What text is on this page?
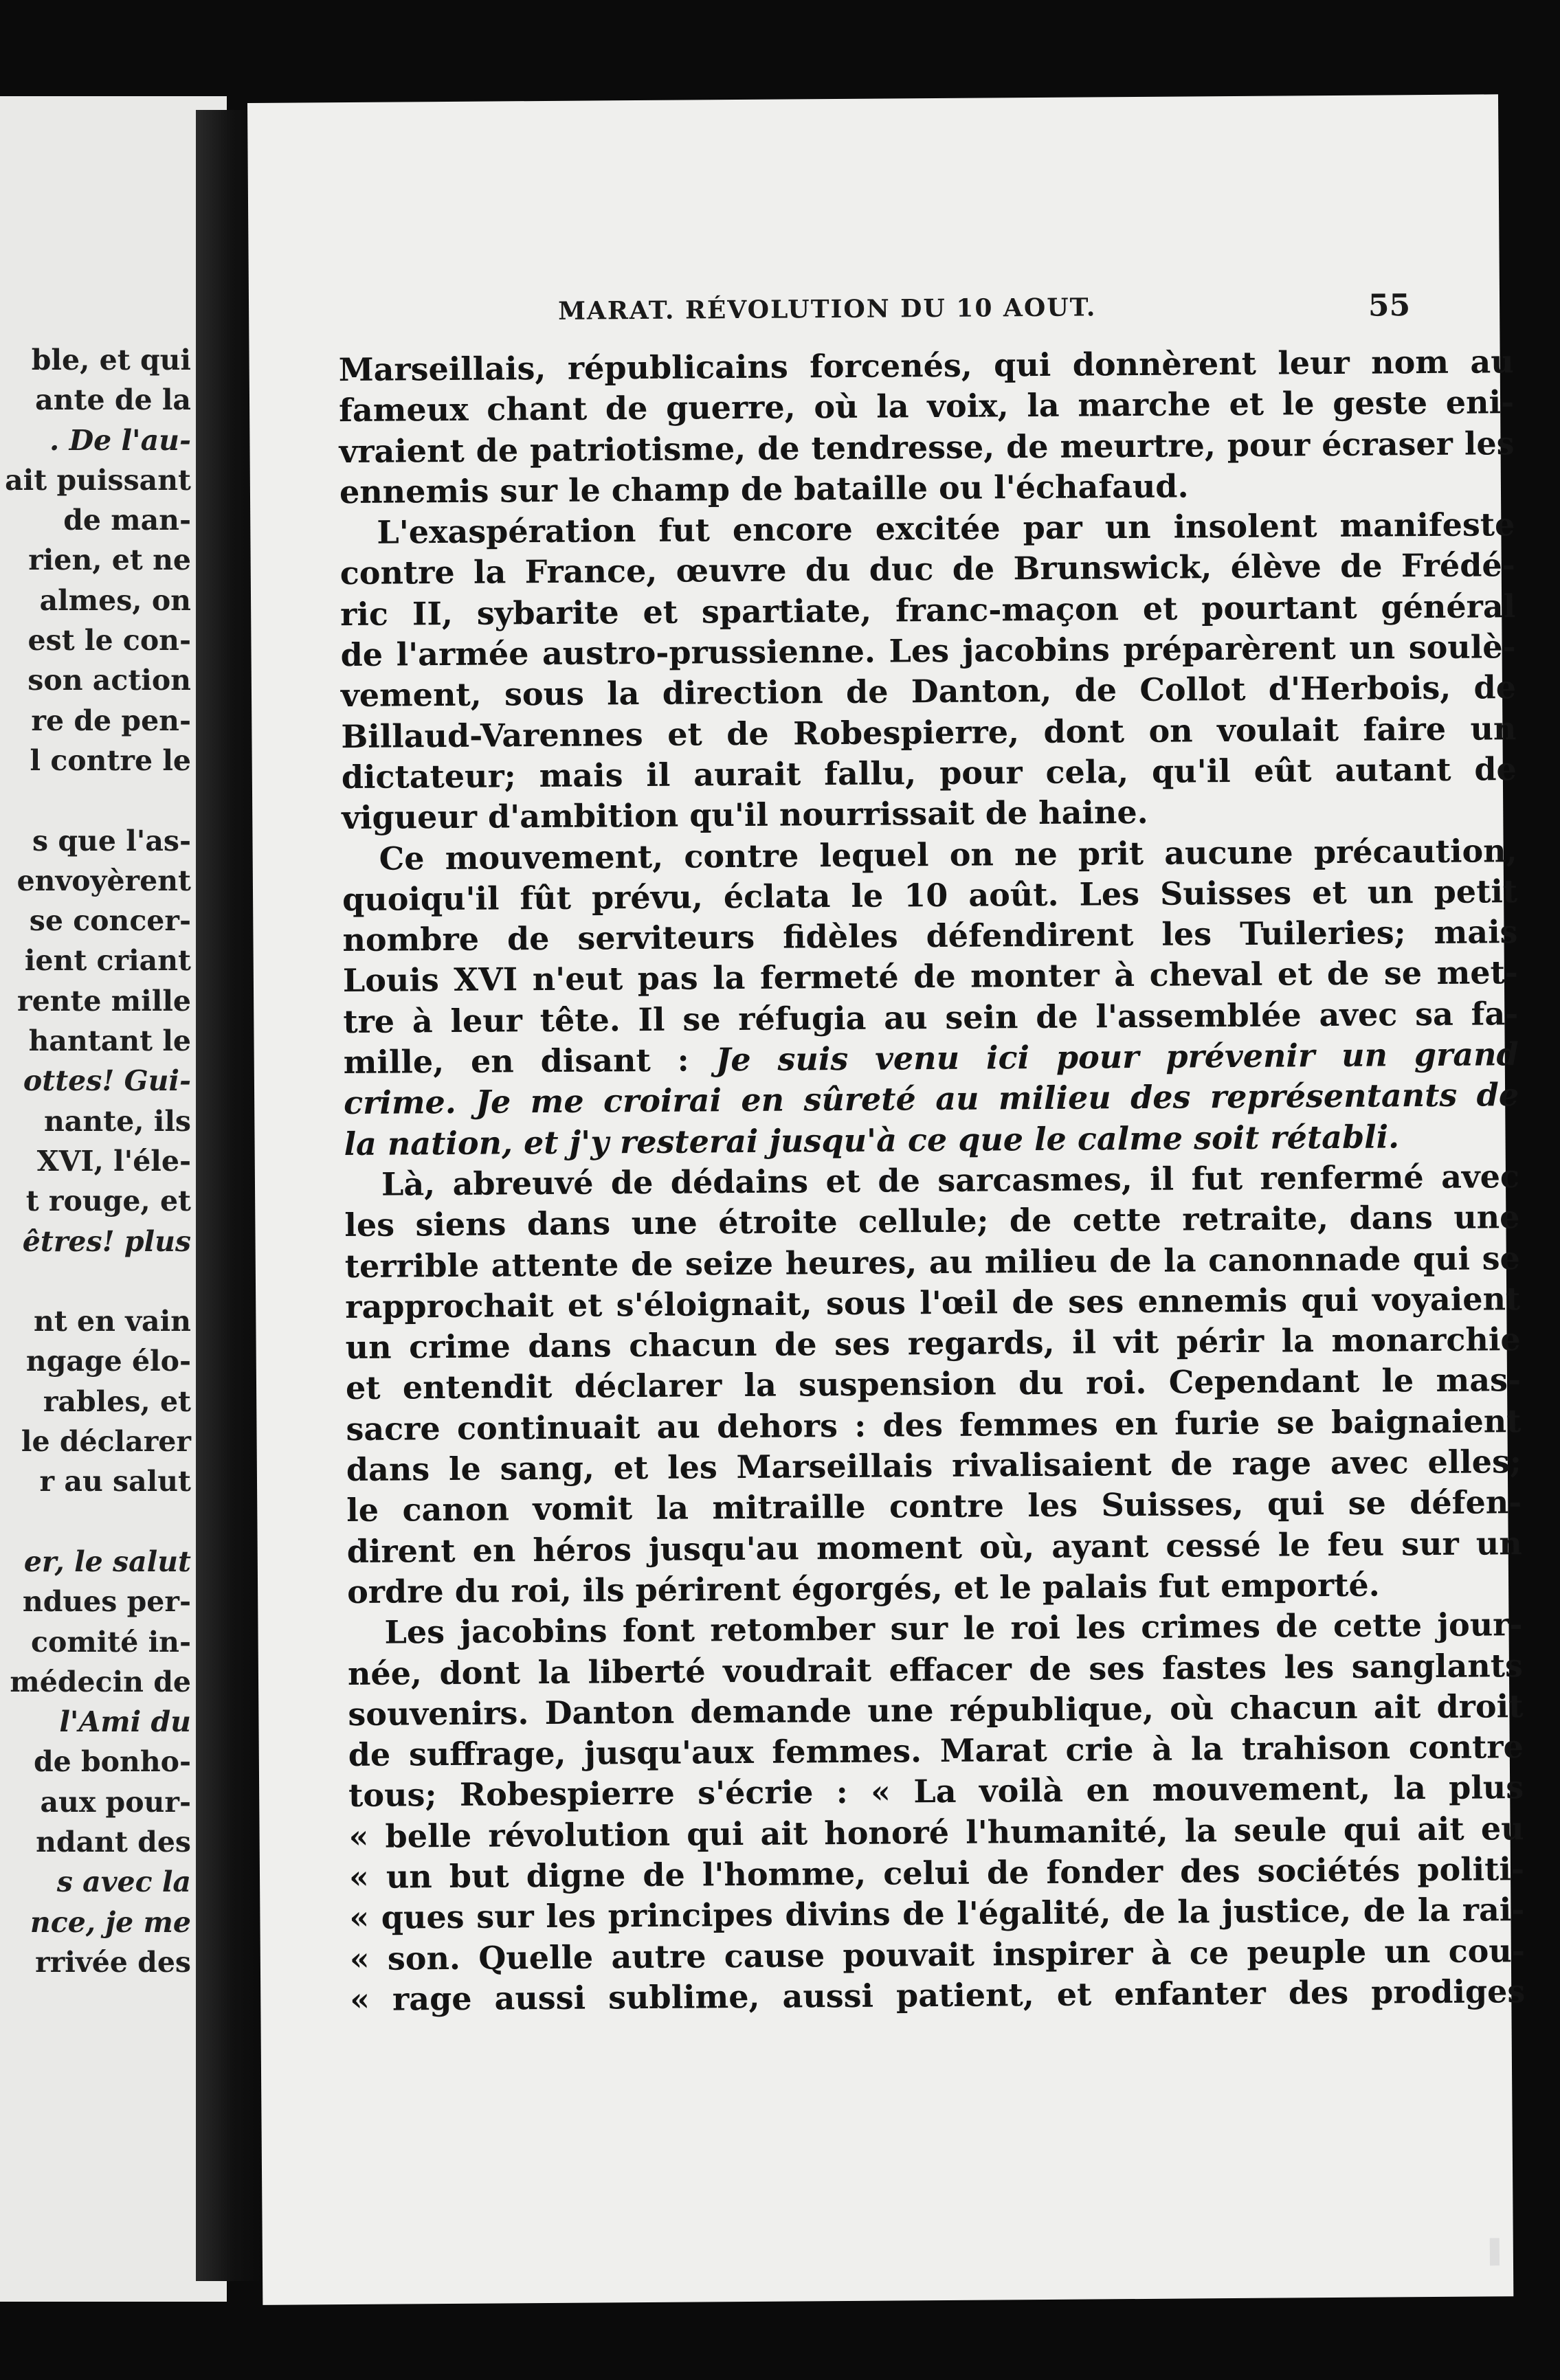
ble, et qui
ante de la
. De l'au-
ait puissant
de man-
rien, et ne
almes, on
est le con-
son action
re de pen-
l contre le
s que l'as-
envoyèrent
se concer-
ient criant
rente mille
hantant le
ottes! Gui-
nante, ils
XVI, l'éle-
t rouge, et
êtres! plus
nt en vain
ngage élo-
rables, et
le déclarer
r au salut
er, le salut
ndues per-
comité in-
médecin de
l'Ami du
de bonho-
aux pour-
ndant des
s avec la
nce, je me
rrivée des
MARAT. RÉVOLUTION DU 10 AOUT.	55
Marseillais, républicains forcenés, qui donnèrent leur nom au
fameux chant de guerre, où la voix, la marche et le geste eni-
vraient de patriotisme, de tendresse, de meurtre, pour écraser les
ennemis sur le champ de bataille ou l'échafaud.
L'exaspération fut encore excitée par un insolent manifeste
contre la France, œuvre du duc de Brunswick, élève de Frédé-
ric II, sybarite et spartiate, franc-maçon et pourtant général
de l'armée austro-prussienne. Les jacobins préparèrent un soulè-
vement, sous la direction de Danton, de Collot d'Herbois, de
Billaud-Varennes et de Robespierre, dont on voulait faire un
dictateur; mais il aurait fallu, pour cela, qu'il eût autant de
vigueur d'ambition qu'il nourrissait de haine.
Ce mouvement, contre lequel on ne prit aucune précaution,
quoiqu'il fût prévu, éclata le 10 août. Les Suisses et un petit
nombre de serviteurs fidèles défendirent les Tuileries; mais
Louis XVI n'eut pas la fermeté de monter à cheval et de se met-
tre à leur tête. Il se réfugia au sein de l'assemblée avec sa fa-
mille, en disant : Je suis venu ici pour prévenir un grand
crime. Je me croirai en sûreté au milieu des représentants de
la nation, et j'y resterai jusqu'à ce que le calme soit rétabli.
Là, abreuvé de dédains et de sarcasmes, il fut renfermé avec
les siens dans une étroite cellule; de cette retraite, dans une
terrible attente de seize heures, au milieu de la canonnade qui se
rapprochait et s'éloignait, sous l'œil de ses ennemis qui voyaient
un crime dans chacun de ses regards, il vit périr la monarchie
et entendit déclarer la suspension du roi. Cependant le mas-
sacre continuait au dehors : des femmes en furie se baignaient
dans le sang, et les Marseillais rivalisaient de rage avec elles;
le canon vomit la mitraille contre les Suisses, qui se défen-
dirent en héros jusqu'au moment où, ayant cessé le feu sur un
ordre du roi, ils périrent égorgés, et le palais fut emporté.
Les jacobins font retomber sur le roi les crimes de cette jour-
née, dont la liberté voudrait effacer de ses fastes les sanglants
souvenirs. Danton demande une république, où chacun ait droit
de suffrage, jusqu'aux femmes. Marat crie à la trahison contre
tous; Robespierre s'écrie : « La voilà en mouvement, la plus
« belle révolution qui ait honoré l'humanité, la seule qui ait eu
« un but digne de l'homme, celui de fonder des sociétés politi-
« ques sur les principes divins de l'égalité, de la justice, de la rai-
« son. Quelle autre cause pouvait inspirer à ce peuple un cou-
« rage aussi sublime, aussi patient, et enfanter des prodiges
